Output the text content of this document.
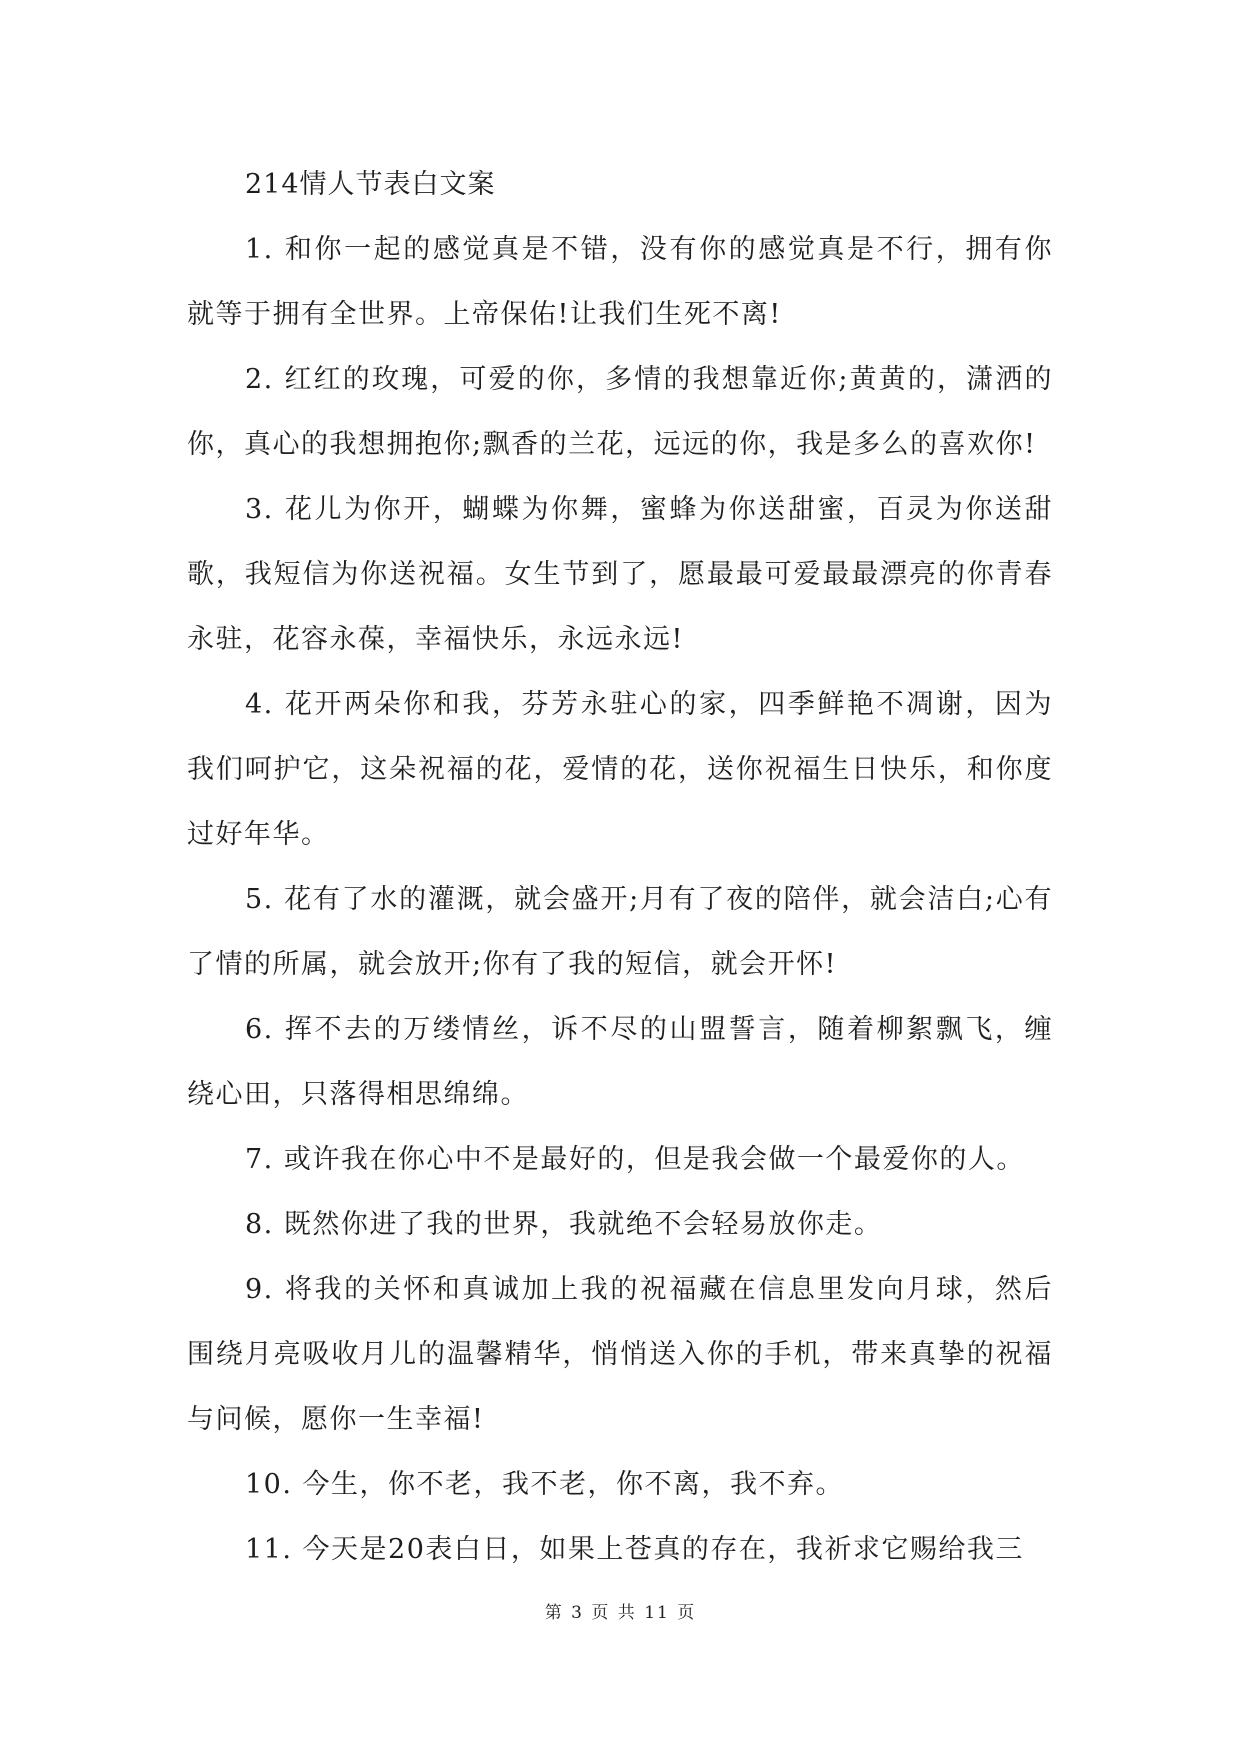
214情人节表白文案

1. 和你一起的感觉真是不错，没有你的感觉真是不行，拥有你就等于拥有全世界。上帝保佑!让我们生死不离!

2. 红红的玫瑰，可爱的你，多情的我想靠近你;黄黄的，潇洒的你，真心的我想拥抱你;飘香的兰花，远远的你，我是多么的喜欢你!

3. 花儿为你开，蝴蝶为你舞，蜜蜂为你送甜蜜，百灵为你送甜歌，我短信为你送祝福。女生节到了，愿最最可爱最最漂亮的你青春永驻，花容永葆，幸福快乐，永远永远!

4. 花开两朵你和我，芬芳永驻心的家，四季鲜艳不凋谢，因为我们呵护它，这朵祝福的花，爱情的花，送你祝福生日快乐，和你度过好年华。

5. 花有了水的灌溉，就会盛开;月有了夜的陪伴，就会洁白;心有了情的所属，就会放开;你有了我的短信，就会开怀!

6. 挥不去的万缕情丝，诉不尽的山盟誓言，随着柳絮飘飞，缠绕心田，只落得相思绵绵。

7. 或许我在你心中不是最好的，但是我会做一个最爱你的人。

8. 既然你进了我的世界，我就绝不会轻易放你走。

9. 将我的关怀和真诚加上我的祝福藏在信息里发向月球，然后围绕月亮吸收月儿的温馨精华，悄悄送入你的手机，带来真挚的祝福与问候，愿你一生幸福!

10. 今生，你不老，我不老，你不离，我不弃。

11. 今天是20表白日，如果上苍真的存在，我祈求它赐给我三

第 3 页 共 11 页
